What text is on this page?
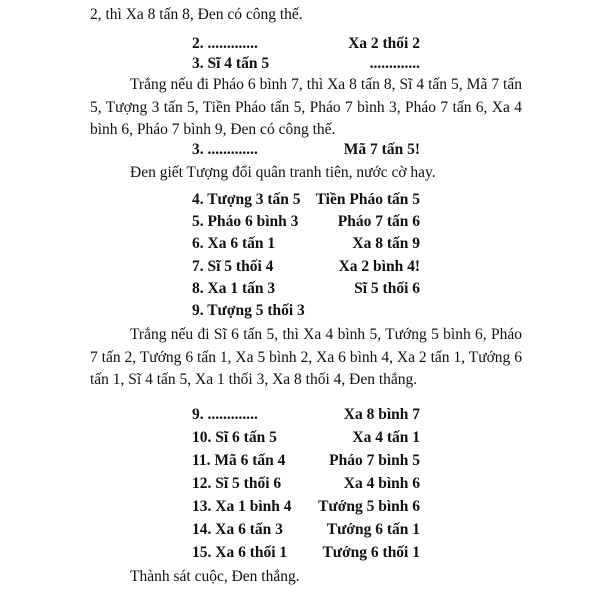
2, thì Xa 8 tấn 8, Đen có công thế.

2. .............	Xa 2 thối 2
3. Sĩ 4 tấn 5	.............

Trắng nếu đi Pháo 6 bình 7, thì Xa 8 tấn 8, Sĩ 4 tấn 5, Mã 7 tấn 5, Tượng 3 tấn 5, Tiền Pháo tấn 5, Pháo 7 bình 3, Pháo 7 tấn 6, Xa 4 bình 6, Pháo 7 bình 9, Đen có công thế.

3. .............	Mã 7 tấn 5!

Đen giết Tượng đổi quân tranh tiên, nước cờ hay.

4. Tượng 3 tấn 5 Tiền Pháo tấn 5
5. Pháo 6 bình 3	Pháo 7 tấn 6
6. Xa 6 tấn 1	Xa 8 tấn 9
7. Sĩ 5 thối 4	Xa 2 bình 4!
8. Xa 1 tấn 3	Sĩ 5 thối 6
9. Tượng 5 thối 3

Trắng nếu đi Sĩ 6 tấn 5, thì Xa 4 bình 5, Tướng 5 bình 6, Pháo 7 tấn 2, Tướng 6 tấn 1, Xa 5 bình 2, Xa 6 bình 4, Xa 2 tấn 1, Tướng 6 tấn 1, Sĩ 4 tấn 5, Xa 1 thối 3, Xa 8 thối 4, Đen thắng.

9. .............	Xa 8 bình 7
10. Sĩ 6 tấn 5	Xa 4 tấn 1
11. Mã 6 tấn 4	Pháo 7 bình 5
12. Sĩ 5 thối 6	Xa 4 bình 6
13. Xa 1 bình 4 Tướng 5 bình 6
14. Xa 6 tấn 3	Tướng 6 tấn 1
15. Xa 6 thối 1 Tướng 6 thối 1

Thành sát cuộc, Đen thắng.
